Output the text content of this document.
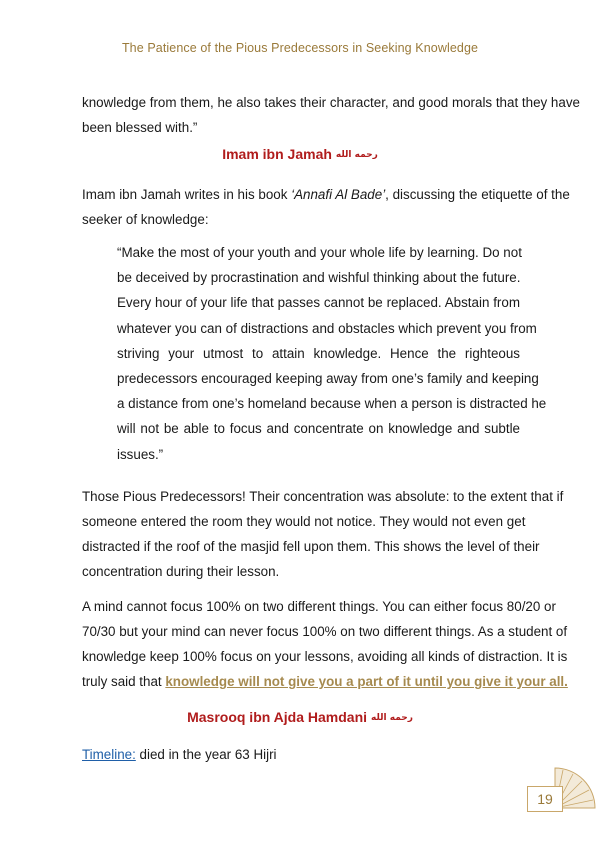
The Patience of the Pious Predecessors in Seeking Knowledge

knowledge from them, he also takes their character, and good morals that they have
been blessed with.”

Imam ibn Jamah رحمه الله

Imam ibn Jamah writes in his book ‘Annafi Al Bade’, discussing the etiquette of the
seeker of knowledge:

“Make the most of your youth and your whole life by learning. Do not
be deceived by procrastination and wishful thinking about the future.
Every hour of your life that passes cannot be replaced. Abstain from
whatever you can of distractions and obstacles which prevent you from
striving your utmost to attain knowledge. Hence the righteous
predecessors encouraged keeping away from one’s family and keeping
a distance from one’s homeland because when a person is distracted he
will not be able to focus and concentrate on knowledge and subtle
issues.”

Those Pious Predecessors! Their concentration was absolute: to the extent that if
someone entered the room they would not notice. They would not even get
distracted if the roof of the masjid fell upon them. This shows the level of their
concentration during their lesson.

A mind cannot focus 100% on two different things. You can either focus 80/20 or
70/30 but your mind can never focus 100% on two different things. As a student of
knowledge keep 100% focus on your lessons, avoiding all kinds of distraction. It is
truly said that knowledge will not give you a part of it until you give it your all.

Masrooq ibn Ajda Hamdani رحمه الله

Timeline: died in the year 63 Hijri

19
